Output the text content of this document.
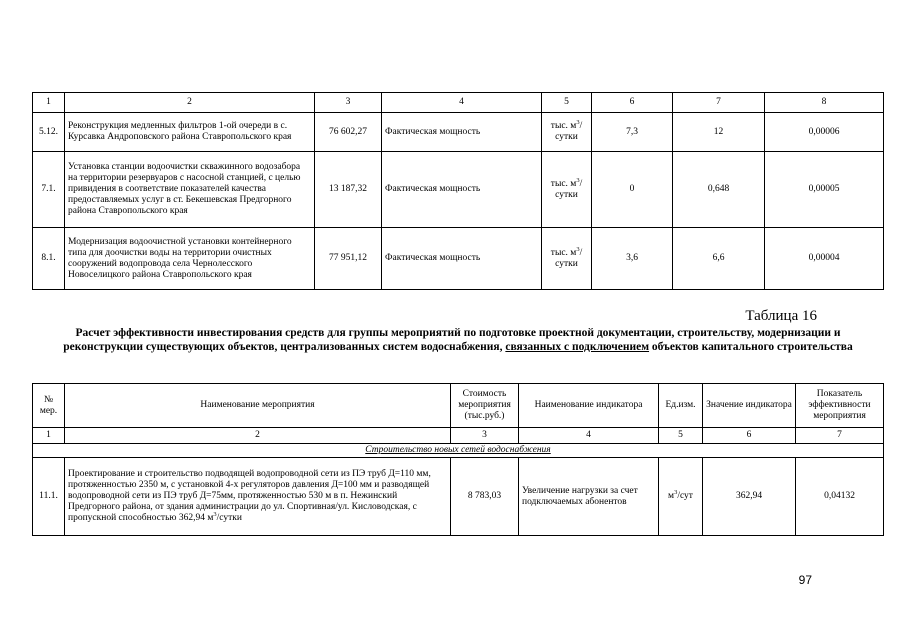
1	2	3	4	5	6	7	8
5.12.	Реконструкция медленных фильтров 1-ой очереди в с. Курсавка Андроповского района Ставропольского края	76 602,27	Фактическая мощность	тыс. $м^3$/сутки	7,3	12	0,00006
7.1.	Установка станции водоочистки скважинного водозабора на территории резервуаров с насосной станцией, с целью привидения в соответствие показателей качества предоставляемых услуг в ст. Бекешевская Предгорного района Ставропольского края	13 187,32	Фактическая мощность	тыс. $м^3$/сутки	0	0,648	0,00005
8.1.	Модернизация водоочистной установки контейнерного типа для доочистки воды на территории очистных сооружений водопровода села Чернолесского Новоселицкого района Ставропольского края	77 951,12	Фактическая мощность	тыс. $м^3$/сутки	3,6	6,6	0,00004
Таблица 16
Расчет эффективности инвестирования средств для группы мероприятий по подготовке проектной документации, строительству, модернизации и реконструкции существующих объектов, централизованных систем водоснабжения, связанных с подключением объектов капитального строительства
№ мер.	Наименование мероприятия	Стоимость мероприятия (тыс.руб.)	Наименование индикатора	Ед.изм.	Значение индикатора	Показатель эффективности мероприятия
1	2	3	4	5	6	7
Строительство новых сетей водоснабжения						
11.1.	Проектирование и строительство подводящей водопроводной сети из ПЭ труб Д=110 мм, протяженностью 2350 м, с установкой 4-х регуляторов давления Д=100 мм и разводящей водопроводной сети из ПЭ труб Д=75мм, протяженностью 530 м в п. Нежинский Предгорного района, от здания администрации до ул. Спортивная/ул. Кисловодская, с пропускной способностью 362,94 $м^3$/сутки	8 783,03	Увеличение нагрузки за счет подключаемых абонентов	$м^3$/сут	362,94	0,04132
97
